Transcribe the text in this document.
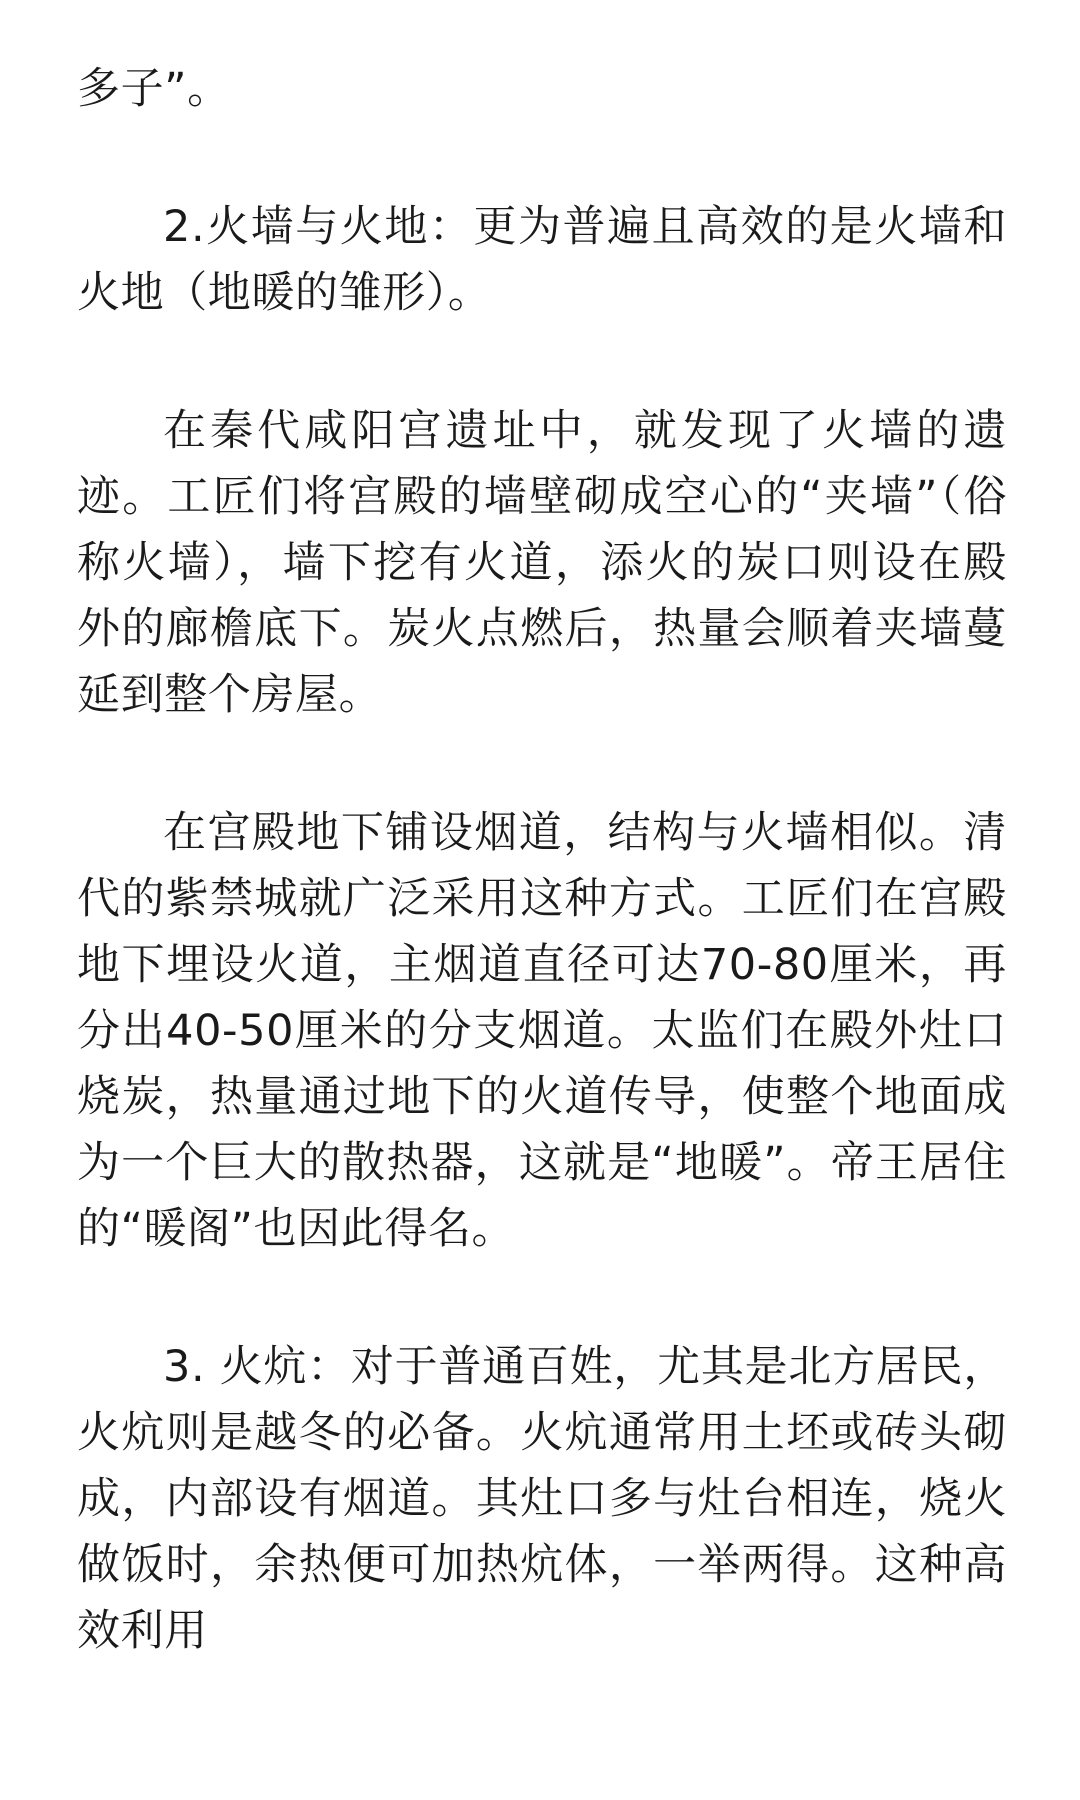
多子”。

2.火墙与火地：更为普遍且高效的是火墙和火地（地暖的雏形）。

在秦代咸阳宫遗址中，就发现了火墙的遗迹。工匠们将宫殿的墙壁砌成空心的“夹墙”（俗称火墙），墙下挖有火道，添火的炭口则设在殿外的廊檐底下。炭火点燃后，热量会顺着夹墙蔓延到整个房屋。

在宫殿地下铺设烟道，结构与火墙相似。清代的紫禁城就广泛采用这种方式。工匠们在宫殿地下埋设火道，主烟道直径可达70-80厘米，再分出40-50厘米的分支烟道。太监们在殿外灶口烧炭，热量通过地下的火道传导，使整个地面成为一个巨大的散热器，这就是“地暖”。帝王居住的“暖阁”也因此得名。

3. 火炕：对于普通百姓，尤其是北方居民，火炕则是越冬的必备。火炕通常用土坯或砖头砌成，内部设有烟道。其灶口多与灶台相连，烧火做饭时，余热便可加热炕体，一举两得。这种高效利用
